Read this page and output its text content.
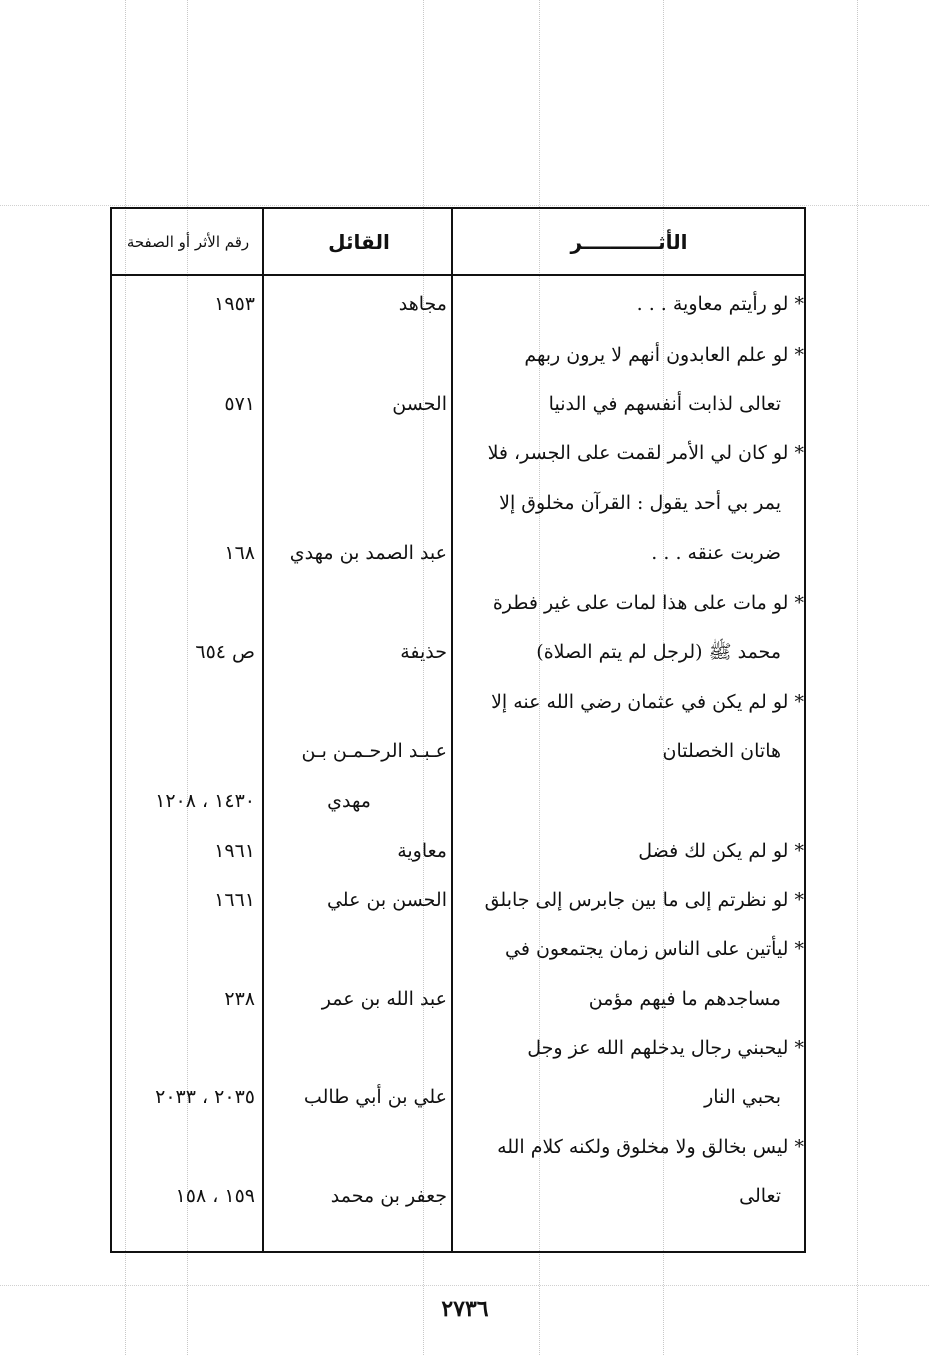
الأثـــــــــــر
القائل
رقم الأثر أو الصفحة
* لو رأيتم معاوية . . .
مجاهد
١٩٥٣
* لو علم العابدون أنهم لا يرون ربهم
تعالى لذابت أنفسهم في الدنيا
الحسن
٥٧١
* لو كان لي الأمر لقمت على الجسر، فلا
يمر بي أحد يقول : القرآن مخلوق إلا
ضربت عنقه . . .
عبد الصمد بن مهدي
١٦٨
* لو مات على هذا لمات على غير فطرة
محمد ﷺ (لرجل لم يتم الصلاة)
حذيفة
ص ٦٥٤
* لو لم يكن في عثمان رضي الله عنه إلا
هاتان الخصلتان
عـبـد الرحـمـن بـن
مهدي
١٤٣٠ ، ١٢٠٨
* لو لم يكن لك فضل
معاوية
١٩٦١
* لو نظرتم إلى ما بين جابرس إلى جابلق
الحسن بن علي
١٦٦١
* ليأتين على الناس زمان يجتمعون في
مساجدهم ما فيهم مؤمن
عبد الله بن عمر
٢٣٨
* ليحبني رجال يدخلهم الله عز وجل
بحبي النار
علي بن أبي طالب
٢٠٣٥ ، ٢٠٣٣
* ليس بخالق ولا مخلوق ولكنه كلام الله
تعالى
جعفر بن محمد
١٥٩ ، ١٥٨
٢٧٣٦
